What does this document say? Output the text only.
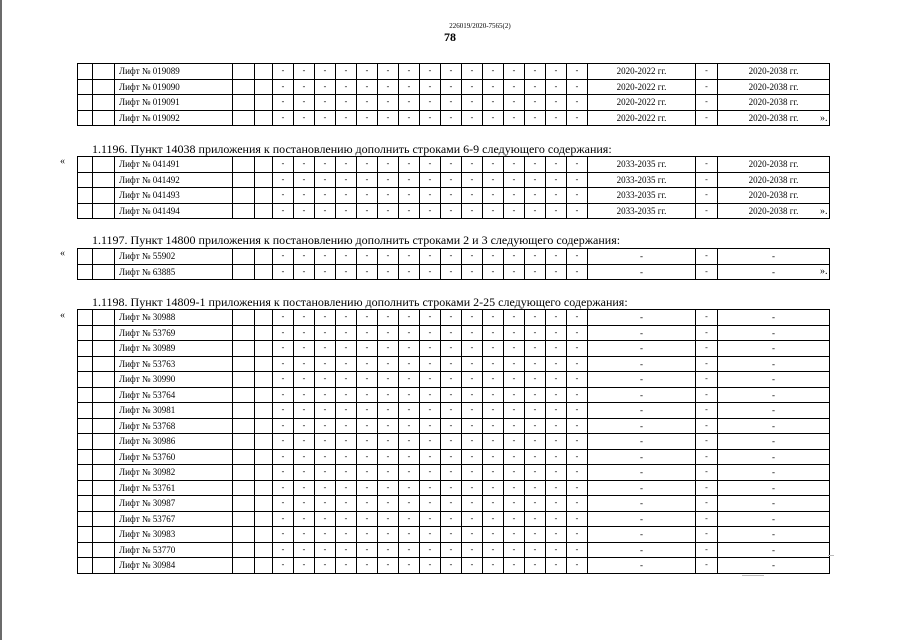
226019/2020-7565(2)
78
		Лифт № 019089			-	-	-	-	-	-	-	-	-	-	-	-	-	-	-	2020-2022 гг.	-	2020-2038 гг.
		Лифт № 019090			-	-	-	-	-	-	-	-	-	-	-	-	-	-	-	2020-2022 гг.	-	2020-2038 гг.
		Лифт № 019091			-	-	-	-	-	-	-	-	-	-	-	-	-	-	-	2020-2022 гг.	-	2020-2038 гг.
		Лифт № 019092			-	-	-	-	-	-	-	-	-	-	-	-	-	-	-	2020-2022 гг.	-	2020-2038 гг. ».
1.1196. Пункт 14038 приложения к постановлению дополнить строками 6-9 следующего содержания:
«
			Лифт № 041491			-	-	-	-	-	-	-	-	-	-	-	-	-	-	-	2033-2035 гг.	-	2020-2038 гг.
		Лифт № 041492			-	-	-	-	-	-	-	-	-	-	-	-	-	-	-	2033-2035 гг.	-	2020-2038 гг.
		Лифт № 041493			-	-	-	-	-	-	-	-	-	-	-	-	-	-	-	2033-2035 гг.	-	2020-2038 гг.
		Лифт № 041494			-	-	-	-	-	-	-	-	-	-	-	-	-	-	-	2033-2035 гг.	-	2020-2038 гг. ».
1.1197. Пункт 14800 приложения к постановлению дополнить строками 2 и 3 следующего содержания:
«
			Лифт № 55902			-	-	-	-	-	-	-	-	-	-	-	-	-	-	-	-	-	-
		Лифт № 63885			-	-	-	-	-	-	-	-	-	-	-	-	-	-	-	-	-	-	».
1.1198. Пункт 14809-1 приложения к постановлению дополнить строками 2-25 следующего содержания:
«
			Лифт № 30988			-	-	-	-	-	-	-	-	-	-	-	-	-	-	-	-	-	-
		Лифт № 53769			-	-	-	-	-	-	-	-	-	-	-	-	-	-	-	-	-	-
		Лифт № 30989			-	-	-	-	-	-	-	-	-	-	-	-	-	-	-	-	-	-
		Лифт № 53763			-	-	-	-	-	-	-	-	-	-	-	-	-	-	-	-	-	-
		Лифт № 30990			-	-	-	-	-	-	-	-	-	-	-	-	-	-	-	-	-	-
		Лифт № 53764			-	-	-	-	-	-	-	-	-	-	-	-	-	-	-	-	-	-
		Лифт № 30981			-	-	-	-	-	-	-	-	-	-	-	-	-	-	-	-	-	-
		Лифт № 53768			-	-	-	-	-	-	-	-	-	-	-	-	-	-	-	-	-	-
		Лифт № 30986			-	-	-	-	-	-	-	-	-	-	-	-	-	-	-	-	-	-
		Лифт № 53760			-	-	-	-	-	-	-	-	-	-	-	-	-	-	-	-	-	-
		Лифт № 30982			-	-	-	-	-	-	-	-	-	-	-	-	-	-	-	-	-	-
		Лифт № 53761			-	-	-	-	-	-	-	-	-	-	-	-	-	-	-	-	-	-
		Лифт № 30987			-	-	-	-	-	-	-	-	-	-	-	-	-	-	-	-	-	-
		Лифт № 53767			-	-	-	-	-	-	-	-	-	-	-	-	-	-	-	-	-	-
		Лифт № 30983			-	-	-	-	-	-	-	-	-	-	-	-	-	-	-	-	-	-
		Лифт № 53770			-	-	-	-	-	-	-	-	-	-	-	-	-	-	-	-	-	-
		Лифт № 30984			-	-	-	-	-	-	-	-	-	-	-	-	-	-	-	-	-	-
